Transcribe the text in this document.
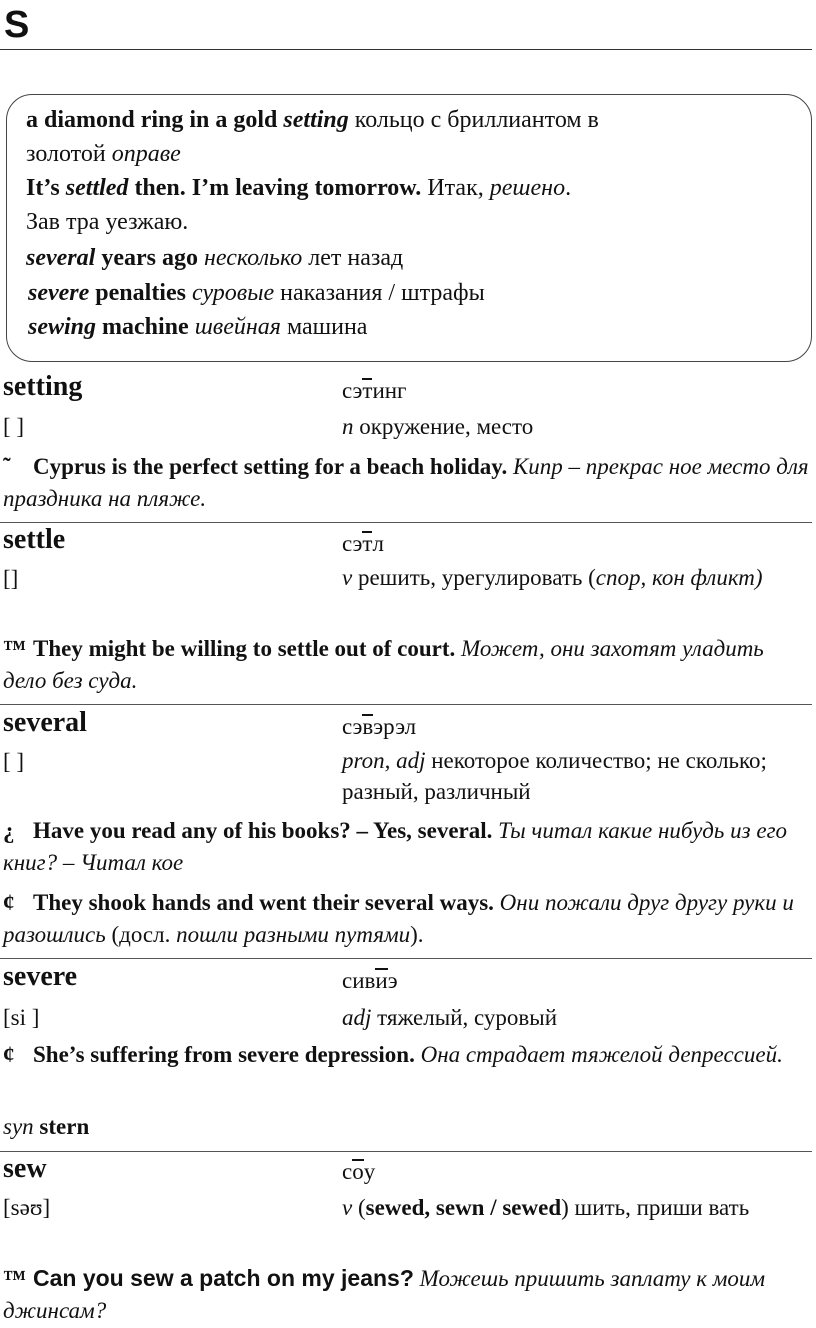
S
a diamond ring in a gold setting кольцо с бриллиантом в
золотой оправе
It’s settled then. I’m leaving tomorrow. Итак, решено.
Зав тра уезжаю.
several years ago несколько лет назад
severe penalties суровые наказания / штрафы
sewing machine швейная машина
setting	сэтинг
[ ]	n окружение, место
˜ Cyprus is the perfect setting for a beach holiday. Кипр – прекрас ное место для праздника на пляже.
settle	сэтл
[]	v решить, урегулировать (спор, кон фликт)
™ They might be willing to settle out of court. Может, они захотят уладить дело без суда.
several	сэвэрэл
[ ]	pron, adj некоторое количество; не сколько; разный, различный
¿ Have you read any of his books? – Yes, several. Ты читал какие нибудь из его книг? – Читал кое
¢ They shook hands and went their several ways. Они пожали друг другу руки и разошлись (досл. пошли разными путями).
severe	сивиэ
[si ]	adj тяжелый, суровый
¢ She’s suffering from severe depression. Она страдает тяжелой депрессией.
syn stern
sew	соу
[səʊ]	v (sewed, sewn / sewed) шить, приши вать
™ Can you sew a patch on my jeans? Можешь пришить заплату к моим джинсам?
